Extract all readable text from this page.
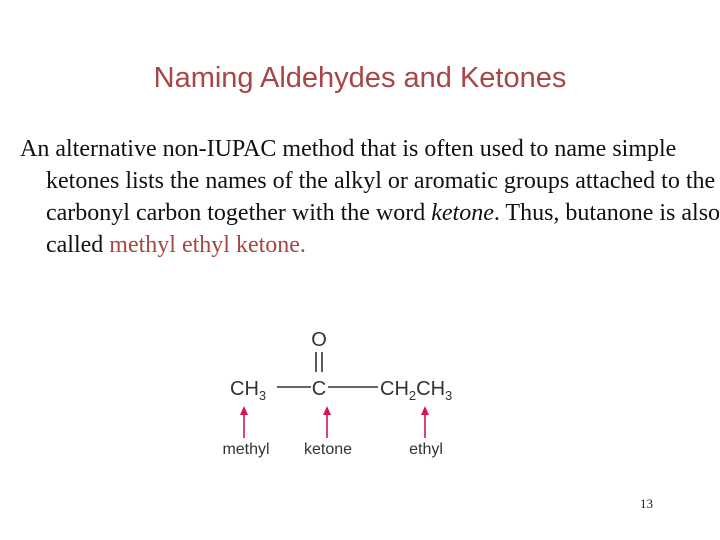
Naming Aldehydes and Ketones
An alternative non-IUPAC method that is often used to name simple ketones lists the names of the alkyl or aromatic groups attached to the carbonyl carbon together with the word ketone. Thus, butanone is also called methyl ethyl ketone.
O
$CH_3$ C	$CH_2CH_3$
methyl ketone	ethyl
13
